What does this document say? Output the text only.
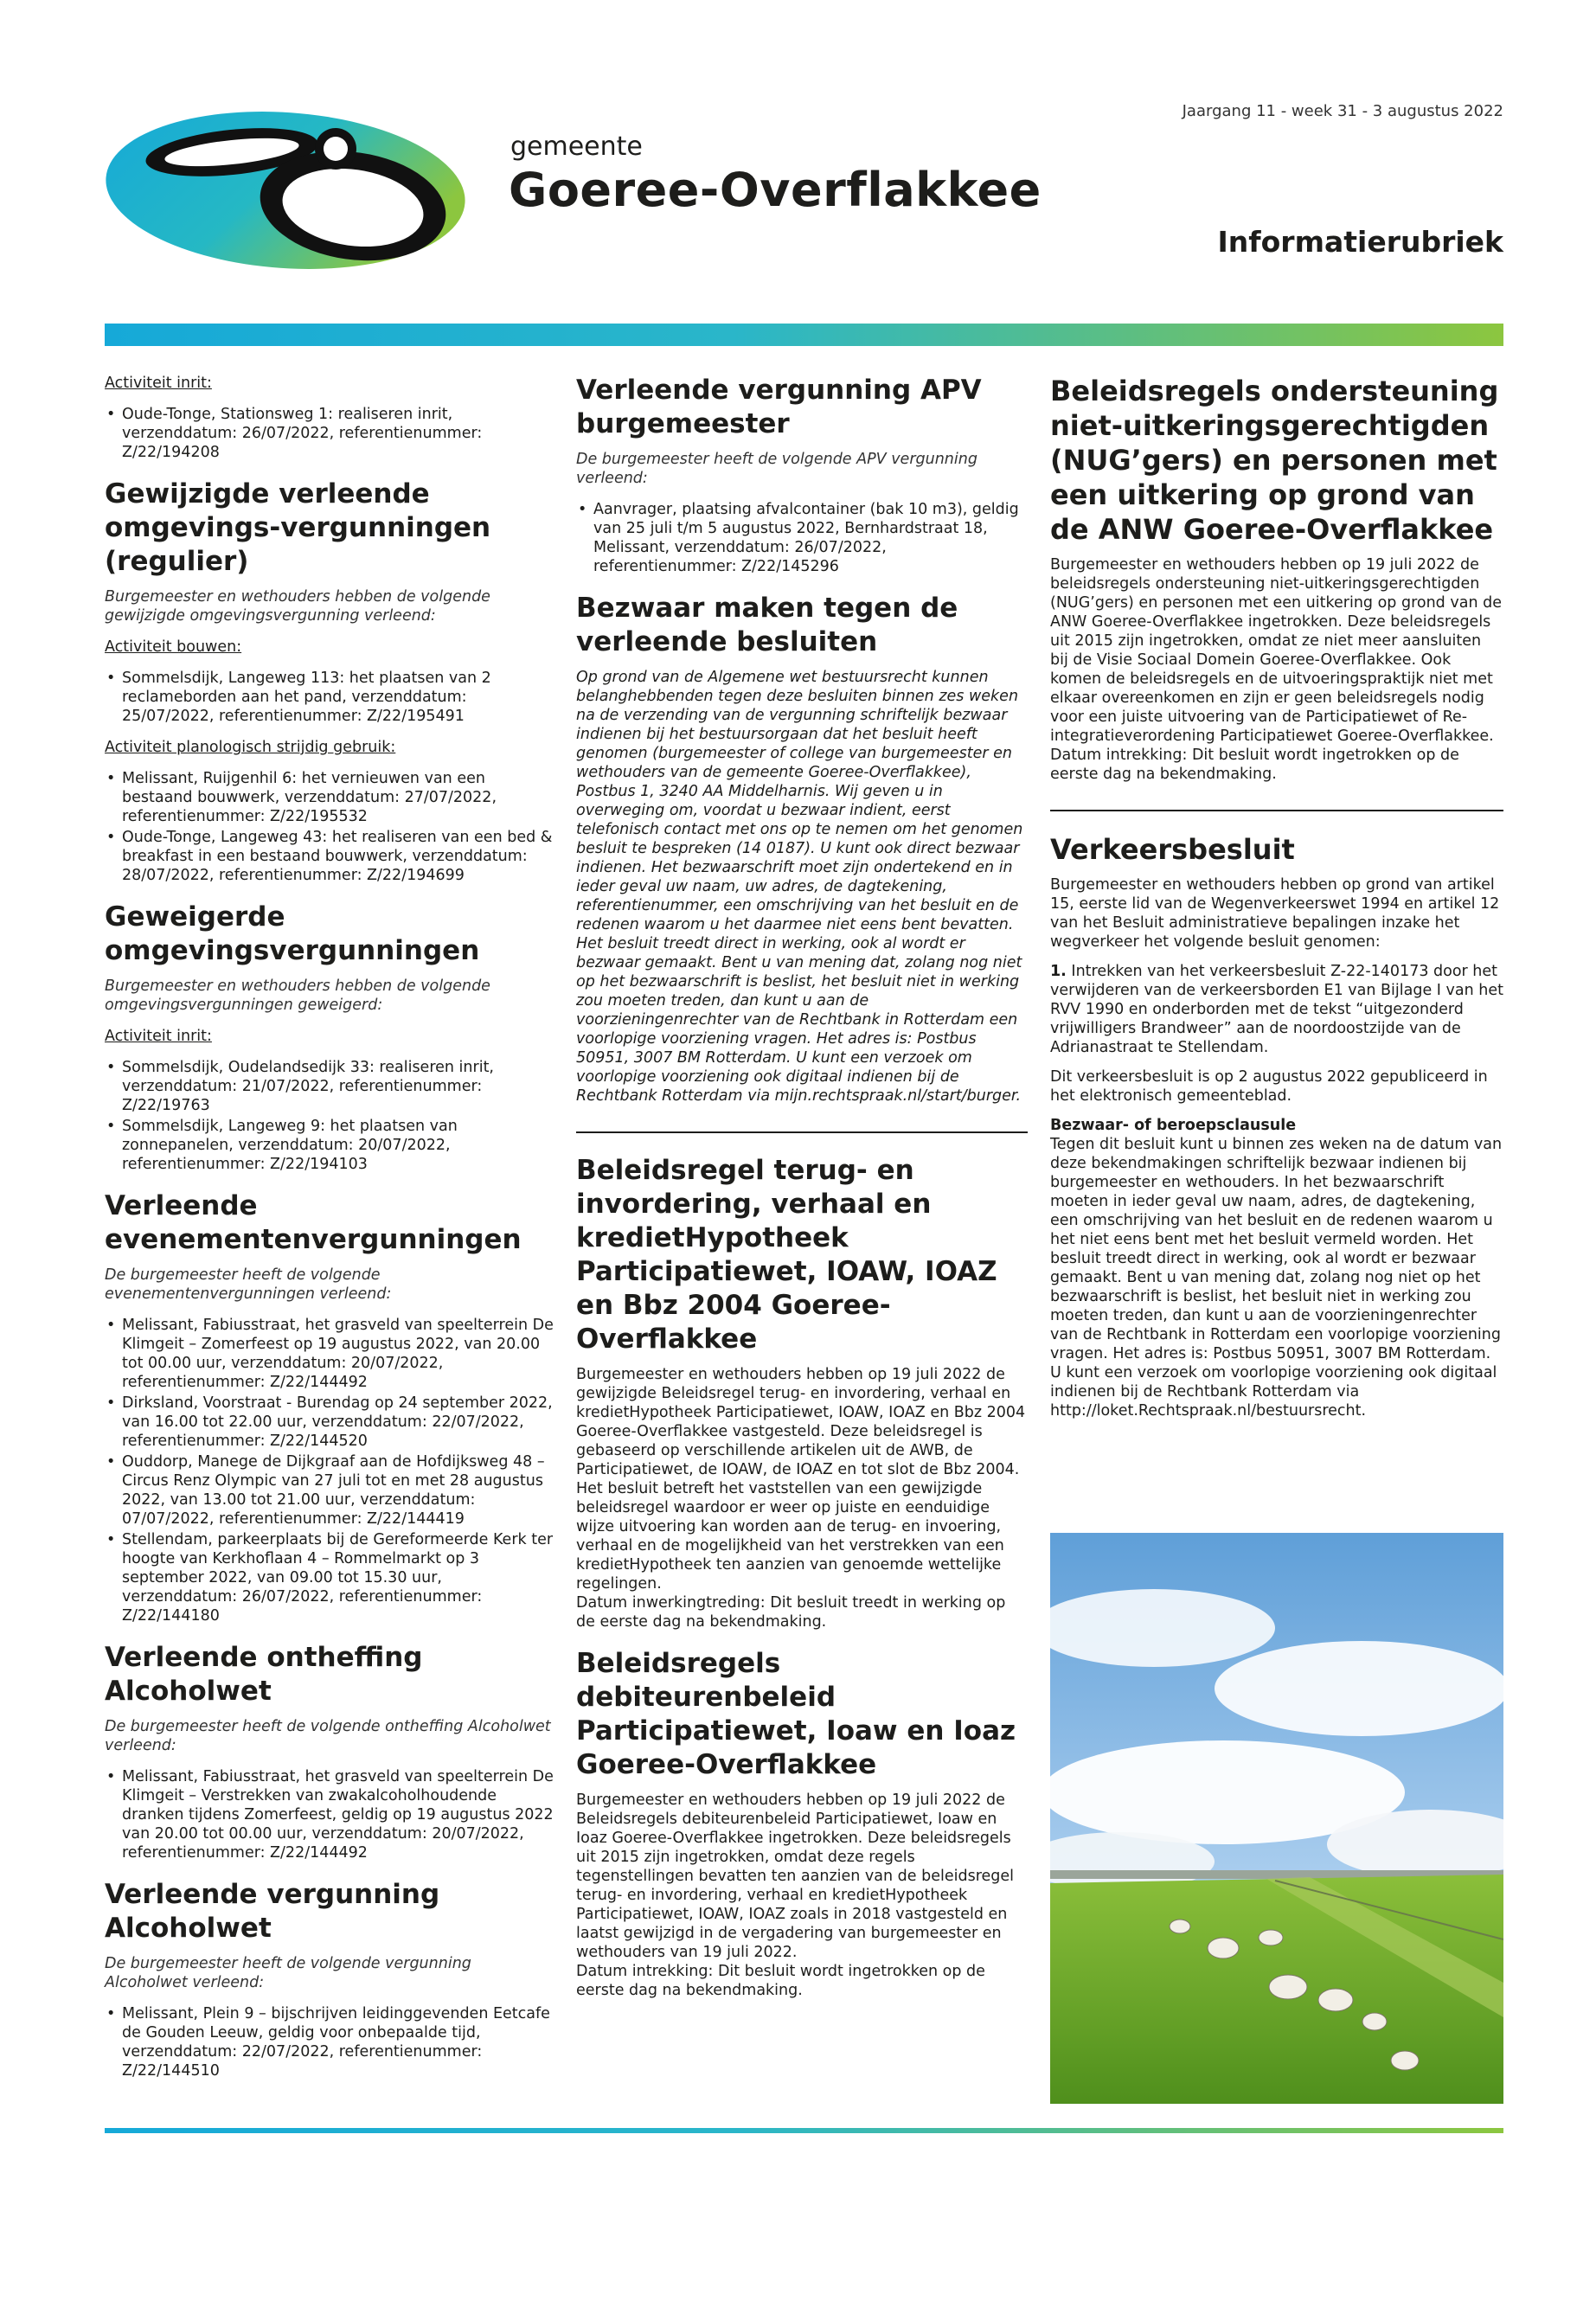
gemeente
Goeree-Overflakkee
Jaargang 11 - week 31 - 3 augustus 2022
Informatierubriek
Activiteit inrit:
• Oude-Tonge, Stationsweg 1: realiseren inrit, verzenddatum: 26/07/2022, referentienummer: Z/22/194208
Gewijzigde verleende omgevings-vergunningen (regulier)
Burgemeester en wethouders hebben de volgende gewijzigde omgevingsvergunning verleend:
Activiteit bouwen:
• Sommelsdijk, Langeweg 113: het plaatsen van 2 reclameborden aan het pand, verzenddatum: 25/07/2022, referentienummer: Z/22/195491
Activiteit planologisch strijdig gebruik:
• Melissant, Ruijgenhil 6: het vernieuwen van een bestaand bouwwerk, verzenddatum: 27/07/2022, referentienummer: Z/22/195532
• Oude-Tonge, Langeweg 43: het realiseren van een bed & breakfast in een bestaand bouwwerk, verzenddatum: 28/07/2022, referentienummer: Z/22/194699
Geweigerde omgevingsvergunningen
Burgemeester en wethouders hebben de volgende omgevingsvergunningen geweigerd:
Activiteit inrit:
• Sommelsdijk, Oudelandsedijk 33: realiseren inrit, verzenddatum: 21/07/2022, referentienummer: Z/22/19763
• Sommelsdijk, Langeweg 9: het plaatsen van zonnepanelen, verzenddatum: 20/07/2022, referentienummer: Z/22/194103
Verleende evenementenvergunningen
De burgemeester heeft de volgende evenementenvergunningen verleend:
• Melissant, Fabiusstraat, het grasveld van speelterrein De Klimgeit – Zomerfeest op 19 augustus 2022, van 20.00 tot 00.00 uur, verzenddatum: 20/07/2022, referentienummer: Z/22/144492
• Dirksland, Voorstraat - Burendag op 24 september 2022, van 16.00 tot 22.00 uur, verzenddatum: 22/07/2022, referentienummer: Z/22/144520
• Ouddorp, Manege de Dijkgraaf aan de Hofdijksweg 48 – Circus Renz Olympic van 27 juli tot en met 28 augustus 2022, van 13.00 tot 21.00 uur, verzenddatum: 07/07/2022, referentienummer: Z/22/144419
• Stellendam, parkeerplaats bij de Gereformeerde Kerk ter hoogte van Kerkhoflaan 4 – Rommelmarkt op 3 september 2022, van 09.00 tot 15.30 uur, verzenddatum: 26/07/2022, referentienummer: Z/22/144180
Verleende ontheffing Alcoholwet
De burgemeester heeft de volgende ontheffing Alcoholwet verleend:
• Melissant, Fabiusstraat, het grasveld van speelterrein De Klimgeit – Verstrekken van zwakalcoholhoudende dranken tijdens Zomerfeest, geldig op 19 augustus 2022 van 20.00 tot 00.00 uur, verzenddatum: 20/07/2022, referentienummer: Z/22/144492
Verleende vergunning Alcoholwet
De burgemeester heeft de volgende vergunning Alcoholwet verleend:
• Melissant, Plein 9 – bijschrijven leidinggevenden Eetcafe de Gouden Leeuw, geldig voor onbepaalde tijd, verzenddatum: 22/07/2022, referentienummer: Z/22/144510
Verleende vergunning APV burgemeester
De burgemeester heeft de volgende APV vergunning verleend:
• Aanvrager, plaatsing afvalcontainer (bak 10 m3), geldig van 25 juli t/m 5 augustus 2022, Bernhardstraat 18, Melissant, verzenddatum: 26/07/2022, referentienummer: Z/22/145296
Bezwaar maken tegen de verleende besluiten

Op grond van de Algemene wet bestuursrecht kunnen belanghebbenden tegen deze besluiten binnen zes weken na de verzending van de vergunning schriftelijk bezwaar indienen bij het bestuursorgaan dat het besluit heeft genomen (burgemeester of college van burgemeester en wethouders van de gemeente Goeree-Overflakkee), Postbus 1, 3240 AA Middelharnis. Wij geven u in overweging om, voordat u bezwaar indient, eerst telefonisch contact met ons op te nemen om het genomen besluit te bespreken (14 0187). U kunt ook direct bezwaar indienen. Het bezwaarschrift moet zijn ondertekend en in ieder geval uw naam, uw adres, de dagtekening, referentienummer, een omschrijving van het besluit en de redenen waarom u het daarmee niet eens bent bevatten. Het besluit treedt direct in werking, ook al wordt er bezwaar gemaakt. Bent u van mening dat, zolang nog niet op het bezwaarschrift is beslist, het besluit niet in werking zou moeten treden, dan kunt u aan de voorzieningenrechter van de Rechtbank in Rotterdam een voorlopige voorziening vragen. Het adres is: Postbus 50951, 3007 BM Rotterdam. U kunt een verzoek om voorlopige voorziening ook digitaal indienen bij de Rechtbank Rotterdam via mijn.rechtspraak.nl/start/burger.

Beleidsregel terug- en invordering, verhaal en kredietHypotheek Participatiewet, IOAW, IOAZ en Bbz 2004 Goeree-Overflakkee

Burgemeester en wethouders hebben op 19 juli 2022 de gewijzigde Beleidsregel terug- en invordering, verhaal en kredietHypotheek Participatiewet, IOAW, IOAZ en Bbz 2004 Goeree-Overflakkee vastgesteld. Deze beleidsregel is gebaseerd op verschillende artikelen uit de AWB, de Participatiewet, de IOAW, de IOAZ en tot slot de Bbz 2004. Het besluit betreft het vaststellen van een gewijzigde beleidsregel waardoor er weer op juiste en eenduidige wijze uitvoering kan worden aan de terug- en invoering, verhaal en de mogelijkheid van het verstrekken van een kredietHypotheek ten aanzien van genoemde wettelijke regelingen.

Datum inwerkingtreding: Dit besluit treedt in werking op de eerste dag na bekendmaking.

Beleidsregels debiteurenbeleid Participatiewet, Ioaw en Ioaz Goeree-Overflakkee

Burgemeester en wethouders hebben op 19 juli 2022 de Beleidsregels debiteurenbeleid Participatiewet, Ioaw en Ioaz Goeree-Overflakkee ingetrokken. Deze beleidsregels uit 2015 zijn ingetrokken, omdat deze regels tegenstellingen bevatten ten aanzien van de beleidsregel terug- en invordering, verhaal en kredietHypotheek Participatiewet, IOAW, IOAZ zoals in 2018 vastgesteld en laatst gewijzigd in de vergadering van burgemeester en wethouders van 19 juli 2022.

Datum intrekking: Dit besluit wordt ingetrokken op de eerste dag na bekendmaking.

Beleidsregels ondersteuning niet-uitkeringsgerechtigden (NUG’gers) en personen met een uitkering op grond van de ANW Goeree-Overflakkee

Burgemeester en wethouders hebben op 19 juli 2022 de beleidsregels ondersteuning niet-uitkeringsgerechtigden (NUG’gers) en personen met een uitkering op grond van de ANW Goeree-Overflakkee ingetrokken. Deze beleidsregels uit 2015 zijn ingetrokken, omdat ze niet meer aansluiten bij de Visie Sociaal Domein Goeree-Overflakkee. Ook komen de beleidsregels en de uitvoeringspraktijk niet met elkaar overeenkomen en zijn er geen beleidsregels nodig voor een juiste uitvoering van de Participatiewet of Re-integratieverordening Participatiewet Goeree-Overflakkee.

Datum intrekking: Dit besluit wordt ingetrokken op de eerste dag na bekendmaking.

Verkeersbesluit

Burgemeester en wethouders hebben op grond van artikel 15, eerste lid van de Wegenverkeerswet 1994 en artikel 12 van het Besluit administratieve bepalingen inzake het wegverkeer het volgende besluit genomen:

1. Intrekken van het verkeersbesluit Z-22-140173 door het verwijderen van de verkeersborden E1 van Bijlage I van het RVV 1990 en onderborden met de tekst “uitgezonderd vrijwilligers Brandweer” aan de noordoostzijde van de Adrianastraat te Stellendam.

Dit verkeersbesluit is op 2 augustus 2022 gepubliceerd in het elektronisch gemeenteblad.

Bezwaar- of beroepsclausule

Tegen dit besluit kunt u binnen zes weken na de datum van deze bekendmakingen schriftelijk bezwaar indienen bij burgemeester en wethouders. In het bezwaarschrift moeten in ieder geval uw naam, adres, de dagtekening, een omschrijving van het besluit en de redenen waarom u het niet eens bent met het besluit vermeld worden. Het besluit treedt direct in werking, ook al wordt er bezwaar gemaakt. Bent u van mening dat, zolang nog niet op het bezwaarschrift is beslist, het besluit niet in werking zou moeten treden, dan kunt u aan de voorzieningenrechter van de Rechtbank in Rotterdam een voorlopige voorziening vragen. Het adres is: Postbus 50951, 3007 BM Rotterdam. U kunt een verzoek om voorlopige voorziening ook digitaal indienen bij de Rechtbank Rotterdam via http://loket.Rechtspraak.nl/bestuursrecht.
